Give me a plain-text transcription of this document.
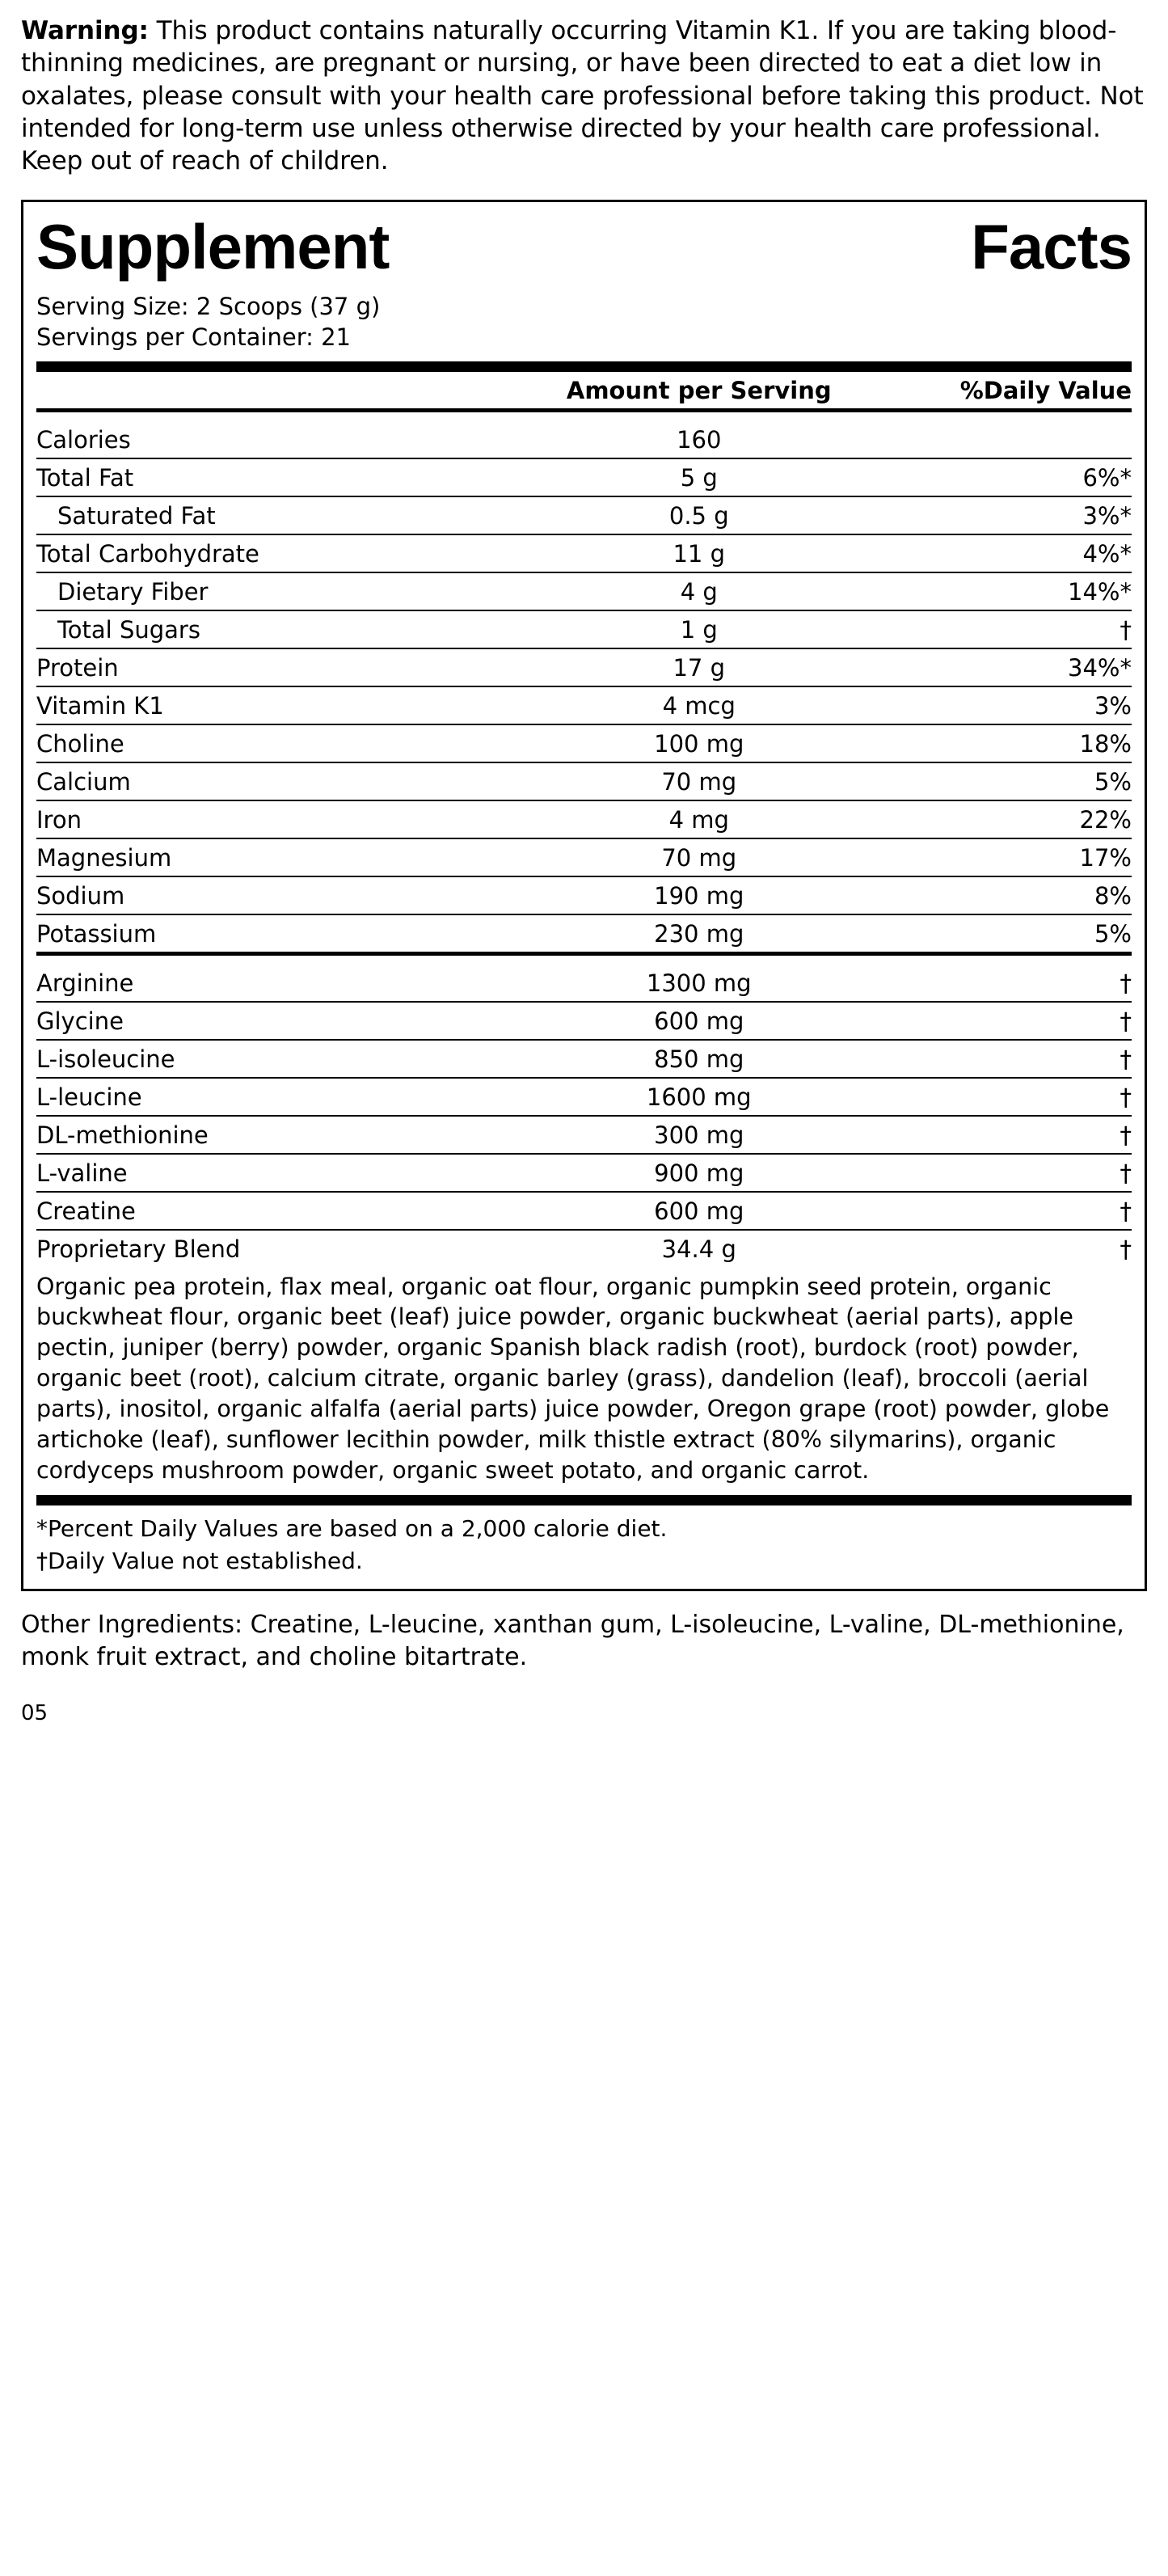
Warning: This product contains naturally occurring Vitamin K1. If you are taking blood-thinning medicines, are pregnant or nursing, or have been directed to eat a diet low in oxalates, please consult with your health care professional before taking this product. Not intended for long-term use unless otherwise directed by your health care professional. Keep out of reach of children.

Supplement	Facts
Serving Size: 2 Scoops (37 g)
Servings per Container: 21
	Amount per Serving	%Daily Value

Calories	160	
Total Fat	5 g	6%*
Saturated Fat	0.5 g	3%*
Total Carbohydrate	11 g	4%*
Dietary Fiber	4 g	14%*
Total Sugars	1 g	†
Protein	17 g	34%*
Vitamin K1	4 mcg	3%
Choline	100 mg	18%
Calcium	70 mg	5%
Iron	4 mg	22%
Magnesium	70 mg	17%
Sodium	190 mg	8%
Potassium	230 mg	5%

Arginine	1300 mg	†
Glycine	600 mg	†
L-isoleucine	850 mg	†
L-leucine	1600 mg	†
DL-methionine	300 mg	†
L-valine	900 mg	†
Creatine	600 mg	†
Proprietary Blend	34.4 g	†
Organic pea protein, flax meal, organic oat flour, organic pumpkin seed protein, organic buckwheat flour, organic beet (leaf) juice powder, organic buckwheat (aerial parts), apple pectin, juniper (berry) powder, organic Spanish black radish (root), burdock (root) powder, organic beet (root), calcium citrate, organic barley (grass), dandelion (leaf), broccoli (aerial parts), inositol, organic alfalfa (aerial parts) juice powder, Oregon grape (root) powder, globe artichoke (leaf), sunflower lecithin powder, milk thistle extract (80% silymarins), organic cordyceps mushroom powder, organic sweet potato, and organic carrot.		
*Percent Daily Values are based on a 2,000 calorie diet.
†Daily Value not established.

Other Ingredients: Creatine, L-leucine, xanthan gum, L-isoleucine, L-valine, DL-methionine, monk fruit extract, and choline bitartrate.

05
